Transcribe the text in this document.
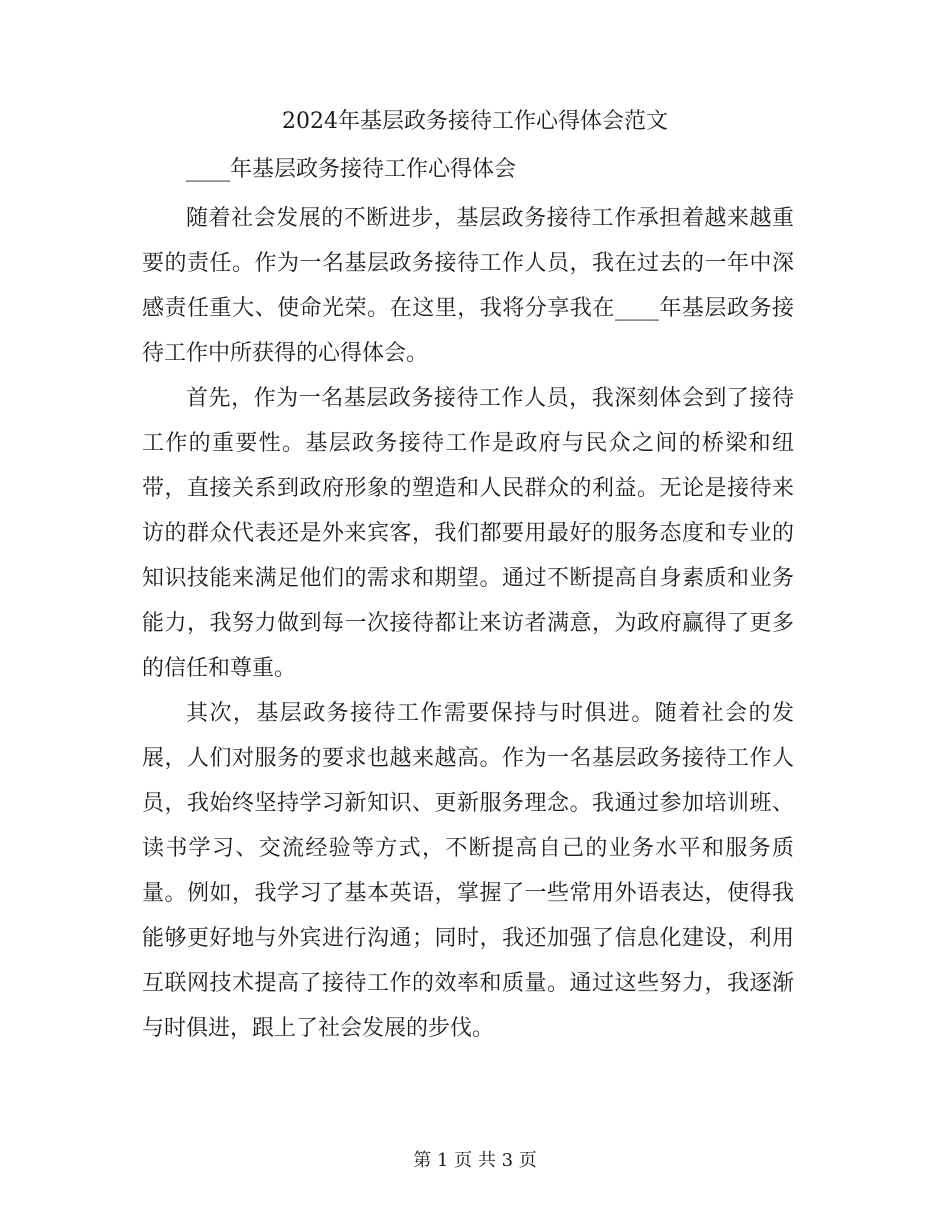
2024年基层政务接待工作心得体会范文
____年基层政务接待工作心得体会

随着社会发展的不断进步，基层政务接待工作承担着越来越重要的责任。作为一名基层政务接待工作人员，我在过去的一年中深感责任重大、使命光荣。在这里，我将分享我在____年基层政务接待工作中所获得的心得体会。

首先，作为一名基层政务接待工作人员，我深刻体会到了接待工作的重要性。基层政务接待工作是政府与民众之间的桥梁和纽带，直接关系到政府形象的塑造和人民群众的利益。无论是接待来访的群众代表还是外来宾客，我们都要用最好的服务态度和专业的知识技能来满足他们的需求和期望。通过不断提高自身素质和业务能力，我努力做到每一次接待都让来访者满意，为政府赢得了更多的信任和尊重。

其次，基层政务接待工作需要保持与时俱进。随着社会的发展，人们对服务的要求也越来越高。作为一名基层政务接待工作人员，我始终坚持学习新知识、更新服务理念。我通过参加培训班、读书学习、交流经验等方式，不断提高自己的业务水平和服务质量。例如，我学习了基本英语，掌握了一些常用外语表达，使得我能够更好地与外宾进行沟通；同时，我还加强了信息化建设，利用互联网技术提高了接待工作的效率和质量。通过这些努力，我逐渐与时俱进，跟上了社会发展的步伐。

第 1 页 共 3 页
